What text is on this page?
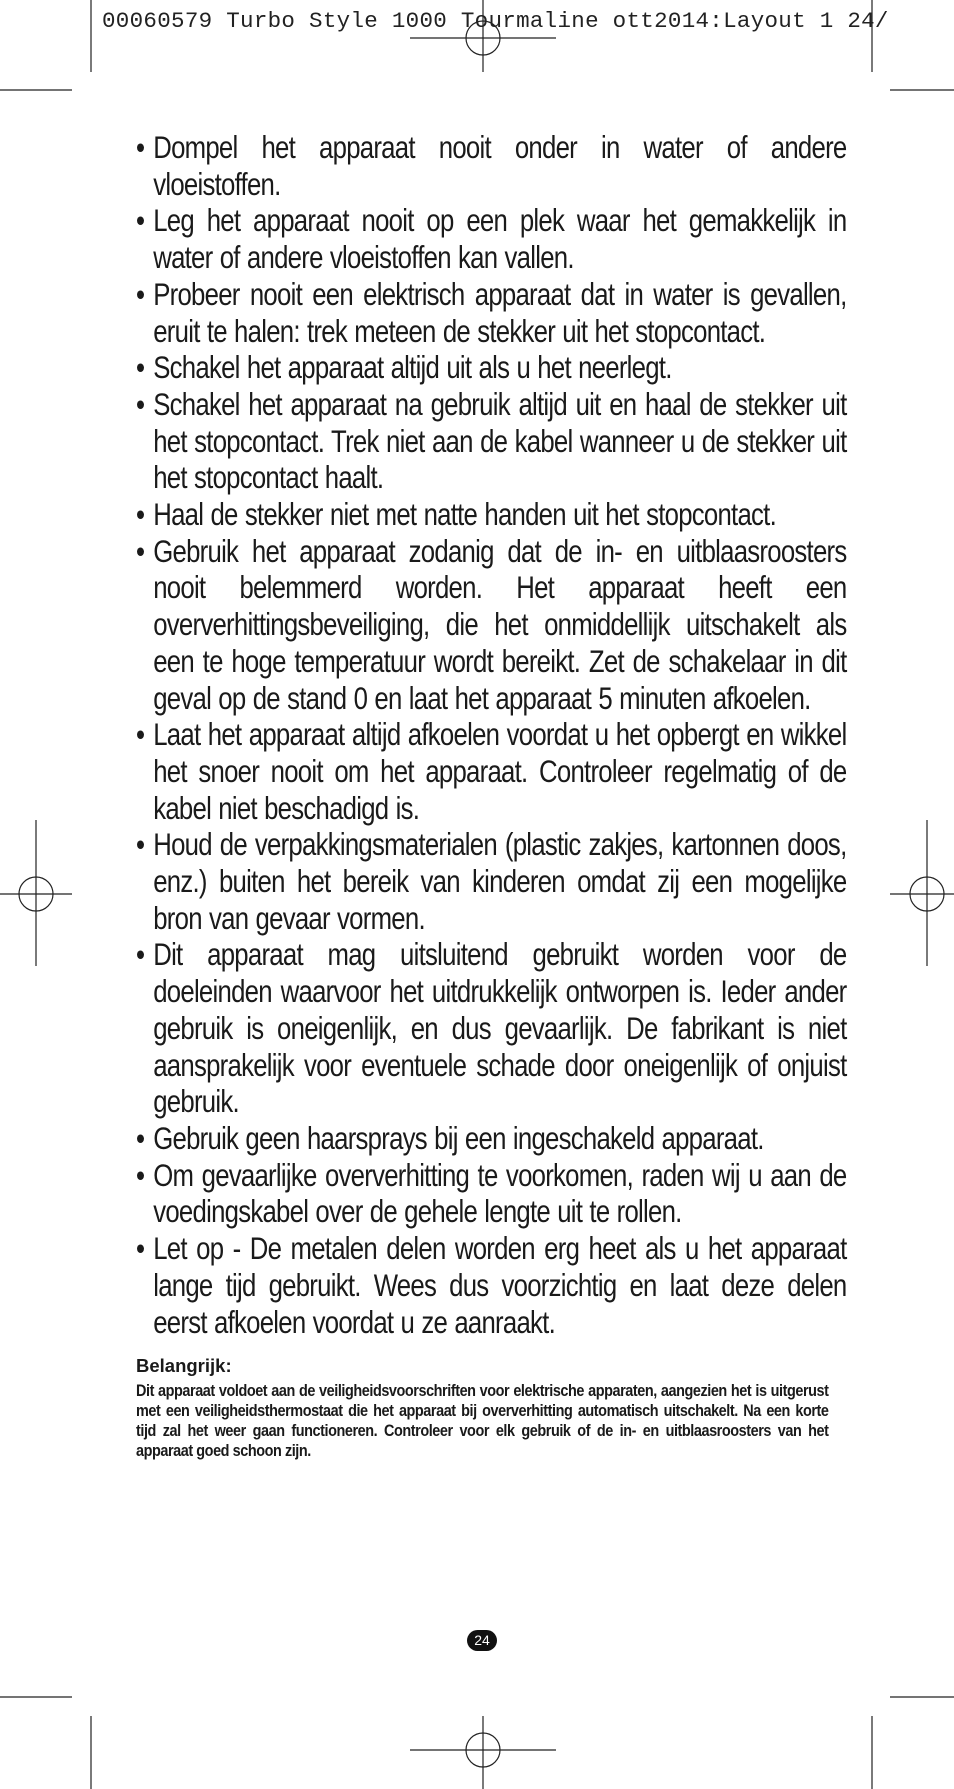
00060579 Turbo Style 1000 Tourmaline ott2014:Layout 1 24/
• Dompel het apparaat nooit onder in water of andere vloeistoffen.
• Leg het apparaat nooit op een plek waar het gemakkelijk in water of andere vloeistoffen kan vallen.
• Probeer nooit een elektrisch apparaat dat in water is gevallen, eruit te halen: trek meteen de stekker uit het stopcontact.
• Schakel het apparaat altijd uit als u het neerlegt.
• Schakel het apparaat na gebruik altijd uit en haal de stekker uit het stopcontact. Trek niet aan de kabel wanneer u de stekker uit het stopcontact haalt.
• Haal de stekker niet met natte handen uit het stopcontact.
• Gebruik het apparaat zodanig dat de in- en uitblaasroosters nooit belemmerd worden. Het apparaat heeft een oververhittingsbeveiliging, die het onmiddellijk uitschakelt als een te hoge temperatuur wordt bereikt. Zet de schakelaar in dit geval op de stand 0 en laat het apparaat 5 minuten afkoelen.
• Laat het apparaat altijd afkoelen voordat u het opbergt en wikkel het snoer nooit om het apparaat. Controleer regelmatig of de kabel niet beschadigd is.
• Houd de verpakkingsmaterialen (plastic zakjes, kartonnen doos, enz.) buiten het bereik van kinderen omdat zij een mogelijke bron van gevaar vormen.
• Dit apparaat mag uitsluitend gebruikt worden voor de doeleinden waarvoor het uitdrukkelijk ontworpen is. Ieder ander gebruik is oneigenlijk, en dus gevaarlijk. De fabrikant is niet aansprakelijk voor eventuele schade door oneigenlijk of onjuist gebruik.
• Gebruik geen haarsprays bij een ingeschakeld apparaat.
• Om gevaarlijke oververhitting te voorkomen, raden wij u aan de voedingskabel over de gehele lengte uit te rollen.
• Let op - De metalen delen worden erg heet als u het apparaat lange tijd gebruikt. Wees dus voorzichtig en laat deze delen eerst afkoelen voordat u ze aanraakt.
Belangrijk:
Dit apparaat voldoet aan de veiligheidsvoorschriften voor elektrische apparaten, aangezien het is uitgerust met een veiligheidsthermostaat die het apparaat bij oververhitting automatisch uitschakelt. Na een korte tijd zal het weer gaan functioneren. Controleer voor elk gebruik of de in- en uitblaasroosters van het apparaat goed schoon zijn.
24
